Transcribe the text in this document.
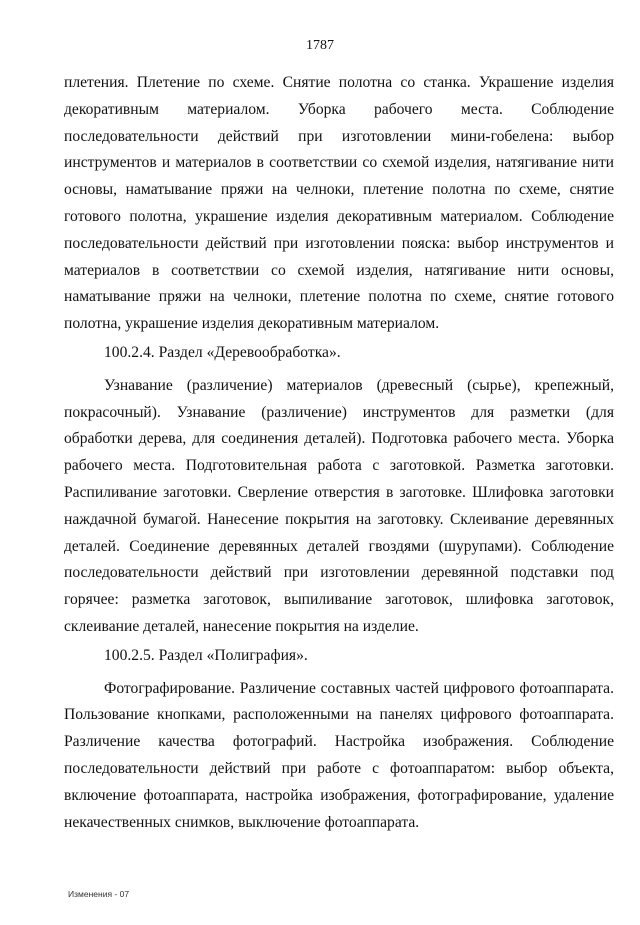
1787

плетения. Плетение по схеме. Снятие полотна со станка. Украшение изделия декоративным материалом. Уборка рабочего места. Соблюдение последовательности действий при изготовлении мини-гобелена: выбор инструментов и материалов в соответствии со схемой изделия, натягивание нити основы, наматывание пряжи на челноки, плетение полотна по схеме, снятие готового полотна, украшение изделия декоративным материалом. Соблюдение последовательности действий при изготовлении пояска: выбор инструментов и материалов в соответствии со схемой изделия, натягивание нити основы, наматывание пряжи на челноки, плетение полотна по схеме, снятие готового полотна, украшение изделия декоративным материалом.

100.2.4. Раздел «Деревообработка».

Узнавание (различение) материалов (древесный (сырье), крепежный, покрасочный). Узнавание (различение) инструментов для разметки (для обработки дерева, для соединения деталей). Подготовка рабочего места. Уборка рабочего места. Подготовительная работа с заготовкой. Разметка заготовки. Распиливание заготовки. Сверление отверстия в заготовке. Шлифовка заготовки наждачной бумагой. Нанесение покрытия на заготовку. Склеивание деревянных деталей. Соединение деревянных деталей гвоздями (шурупами). Соблюдение последовательности действий при изготовлении деревянной подставки под горячее: разметка заготовок, выпиливание заготовок, шлифовка заготовок, склеивание деталей, нанесение покрытия на изделие.

100.2.5. Раздел «Полиграфия».

Фотографирование. Различение составных частей цифрового фотоаппарата. Пользование кнопками, расположенными на панелях цифрового фотоаппарата. Различение качества фотографий. Настройка изображения. Соблюдение последовательности действий при работе с фотоаппаратом: выбор объекта, включение фотоаппарата, настройка изображения, фотографирование, удаление некачественных снимков, выключение фотоаппарата.

Изменения - 07
